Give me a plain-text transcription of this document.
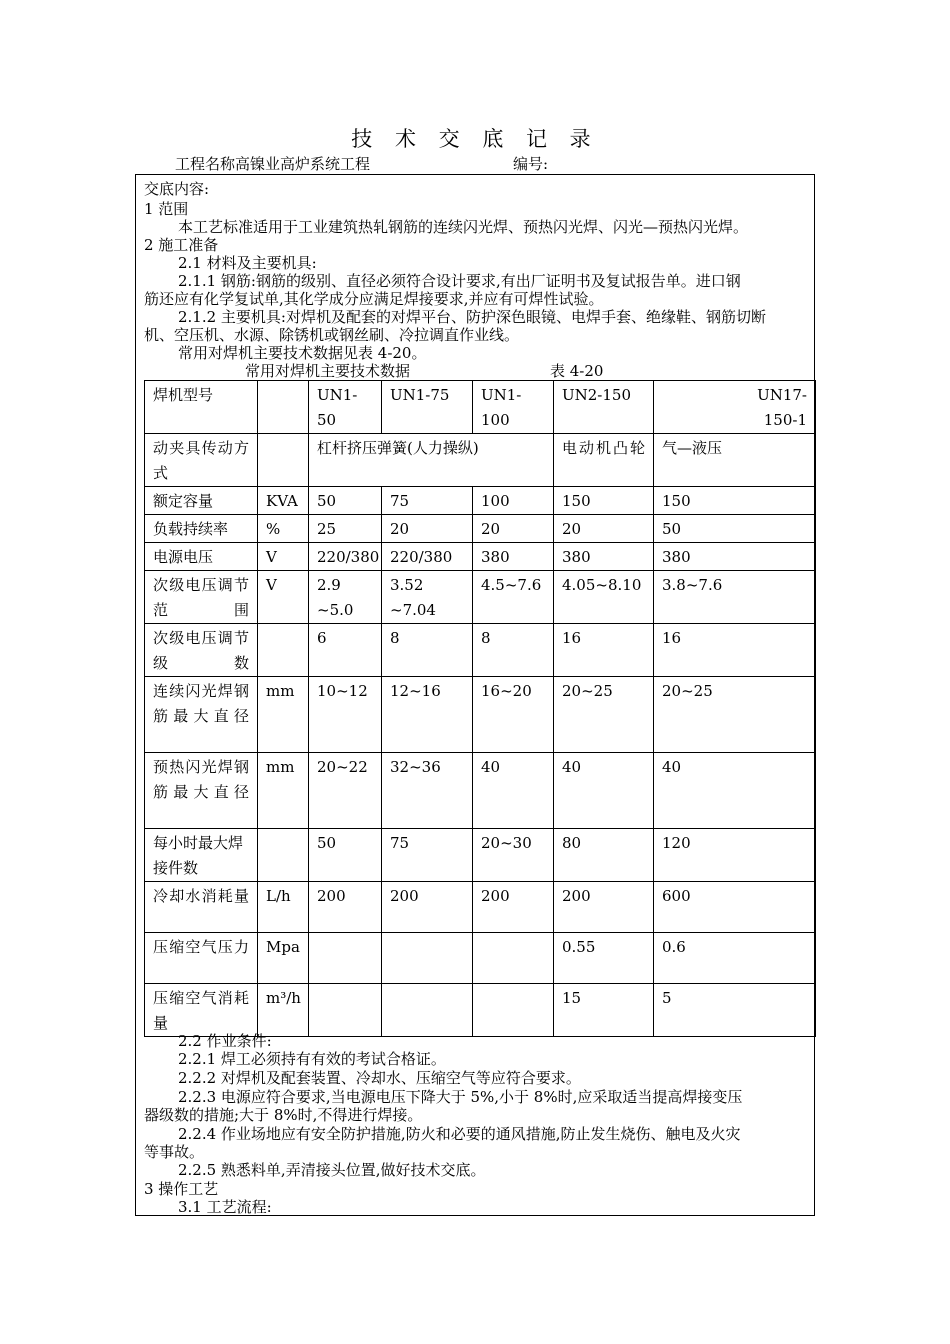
技 术 交 底 记 录
工程名称高镍业高炉系统工程	编号:
交底内容:
1 范围
本工艺标准适用于工业建筑热轧钢筋的连续闪光焊、预热闪光焊、闪光—预热闪光焊。
2 施工准备
2.1 材料及主要机具:
2.1.1 钢筋:钢筋的级别、直径必须符合设计要求,有出厂证明书及复试报告单。进口钢
筋还应有化学复试单,其化学成分应满足焊接要求,并应有可焊性试验。
2.1.2 主要机具:对焊机及配套的对焊平台、防护深色眼镜、电焊手套、绝缘鞋、钢筋切断
机、空压机、水源、除锈机或钢丝刷、冷拉调直作业线。
常用对焊机主要技术数据见表 4-20。
常用对焊机主要技术数据	表 4-20
焊机型号		UN1-50	UN1-75	UN1-100	UN2-150	UN17-150-1
动夹具传动方式		杠杆挤压弹簧(人力操纵)			电动机凸轮	气—液压
额定容量	KVA	50	75	100	150	150
负载持续率	%	25	20	20	20	50
电源电压	V	220/380	220/380	380	380	380
次级电压调节范围	V	2.9 ~5.0	3.52 ~7.04	4.5~7.6	4.05~8.10	3.8~7.6
次级电压调节级数		6	8	8	16	16
连续闪光焊钢筋最大直径	mm	10~12	12~16	16~20	20~25	20~25
预热闪光焊钢筋最大直径	mm	20~22	32~36	40	40	40
每小时最大焊接件数		50	75	20~30	80	120
冷却水消耗量	L/h	200	200	200	200	600
压缩空气压力	Mpa				0.55	0.6
压缩空气消耗量	m³/h				15	5
2.2 作业条件:
2.2.1 焊工必须持有有效的考试合格证。
2.2.2 对焊机及配套装置、冷却水、压缩空气等应符合要求。
2.2.3 电源应符合要求,当电源电压下降大于 5%,小于 8%时,应采取适当提高焊接变压
器级数的措施;大于 8%时,不得进行焊接。
2.2.4 作业场地应有安全防护措施,防火和必要的通风措施,防止发生烧伤、触电及火灾
等事故。
2.2.5 熟悉料单,弄清接头位置,做好技术交底。
3 操作工艺
3.1 工艺流程:
